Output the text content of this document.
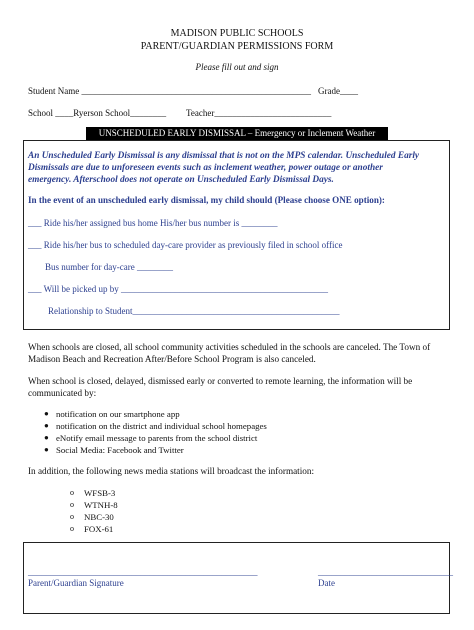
MADISON PUBLIC SCHOOLS
PARENT/GUARDIAN PERMISSIONS FORM
Please fill out and sign
Student Name ___________________________________________________ Grade____
School ____Ryerson School________ Teacher__________________________
UNSCHEDULED EARLY DISMISSAL – Emergency or Inclement Weather
An Unscheduled Early Dismissal is any dismissal that is not on the MPS calendar. Unscheduled Early
Dismissals are due to unforeseen events such as inclement weather, power outage or another
emergency. Afterschool does not operate on Unscheduled Early Dismissal Days.
In the event of an unscheduled early dismissal, my child should (Please choose ONE option):
___ Ride his/her assigned bus home His/her bus number is ________
___ Ride his/her bus to scheduled day-care provider as previously filed in school office
Bus number for day-care ________
___ Will be picked up by ______________________________________________
Relationship to Student______________________________________________
When schools are closed, all school community activities scheduled in the schools are canceled. The Town of
Madison Beach and Recreation After/Before School Program is also canceled.
When school is closed, delayed, dismissed early or converted to remote learning, the information will be
communicated by:
● notification on our smartphone app
● notification on the district and individual school homepages
● eNotify email message to parents from the school district
● Social Media: Facebook and Twitter
In addition, the following news media stations will broadcast the information:
o WFSB-3
o WTNH-8
o NBC-30
o FOX-61
___________________________________________________	______________________________
Parent/Guardian Signature	Date
